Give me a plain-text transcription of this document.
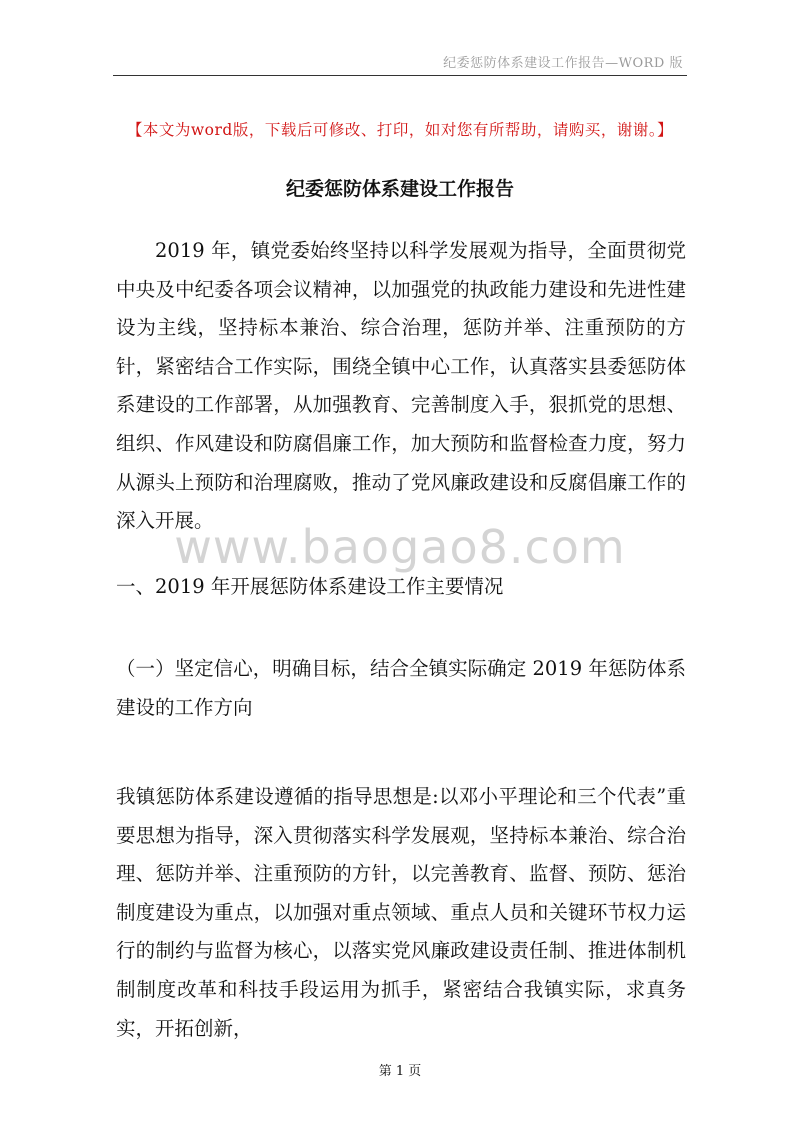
纪委惩防体系建设工作报告—WORD 版
【本文为word版，下载后可修改、打印，如对您有所帮助，请购买，谢谢。】
纪委惩防体系建设工作报告
2019 年，镇党委始终坚持以科学发展观为指导，全面贯彻党中央及中纪委各项会议精神，以加强党的执政能力建设和先进性建设为主线，坚持标本兼治、综合治理，惩防并举、注重预防的方针，紧密结合工作实际，围绕全镇中心工作，认真落实县委惩防体系建设的工作部署，从加强教育、完善制度入手，狠抓党的思想、组织、作风建设和防腐倡廉工作，加大预防和监督检查力度，努力从源头上预防和治理腐败，推动了党风廉政建设和反腐倡廉工作的深入开展。
www.baogao8.com
一、2019 年开展惩防体系建设工作主要情况
（一）坚定信心，明确目标，结合全镇实际确定 2019 年惩防体系建设的工作方向
我镇惩防体系建设遵循的指导思想是:以邓小平理论和三个代表”重要思想为指导，深入贯彻落实科学发展观，坚持标本兼治、综合治理、惩防并举、注重预防的方针，以完善教育、监督、预防、惩治制度建设为重点，以加强对重点领域、重点人员和关键环节权力运行的制约与监督为核心，以落实党风廉政建设责任制、推进体制机制制度改革和科技手段运用为抓手，紧密结合我镇实际，求真务实，开拓创新，
第 1 页
